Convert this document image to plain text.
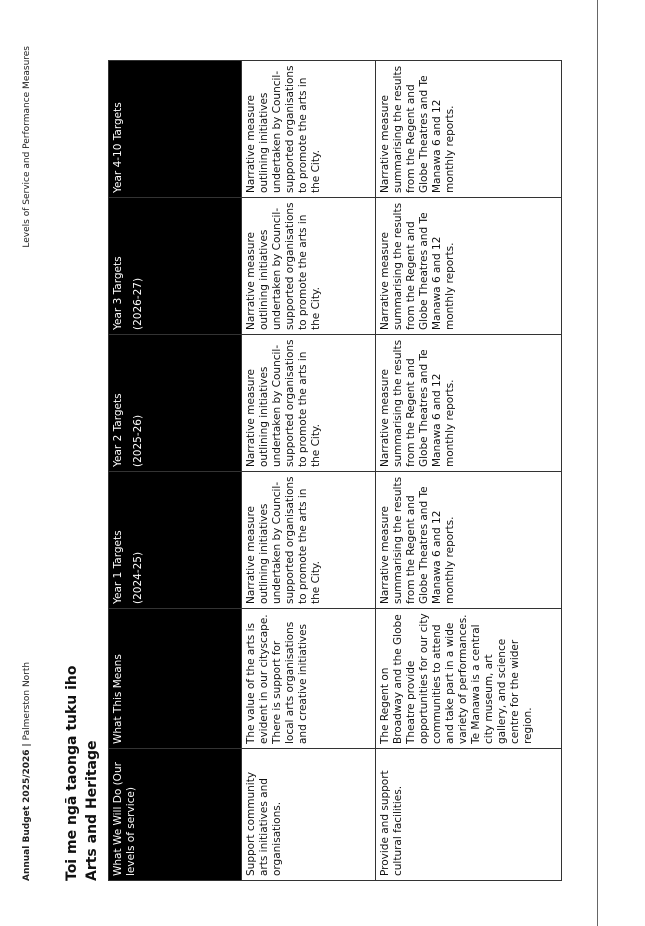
Annual Budget 2025/2026 | Palmerston North
Levels of Service and Performance Measures
Toi me ngā taonga tuku iho Arts and Heritage What We Will Do (Our levels of service)	What This Means	Year 1 Targets (2024-25)	Year 2 Targets (2025-26)	Year 3 Targets (2026-27)	Year 4-10 Targets
Support community arts initiatives and organisations.	The value of the arts is evident in our cityscape. There is support for local arts organisations and creative initiatives	Narrative measure outlining initiatives undertaken by Council-supported organisations to promote the arts in the City.	Narrative measure outlining initiatives undertaken by Council-supported organisations to promote the arts in the City.	Narrative measure outlining initiatives undertaken by Council-supported organisations to promote the arts in the City.	Narrative measure outlining initiatives undertaken by Council-supported organisations to promote the arts in the City.
Provide and support cultural facilities.	The Regent on Broadway and the Globe Theatre provide opportunities for our city communities to attend and take part in a wide variety of performances. Te Manawa is a central city museum, art gallery, and science centre for the wider region.	Narrative measure summarising the results from the Regent and Globe Theatres and Te Manawa 6 and 12 monthly reports.	Narrative measure summarising the results from the Regent and Globe Theatres and Te Manawa 6 and 12 monthly reports.	Narrative measure summarising the results from the Regent and Globe Theatres and Te Manawa 6 and 12 monthly reports.	Narrative measure summarising the results from the Regent and Globe Theatres and Te Manawa 6 and 12 monthly reports.
